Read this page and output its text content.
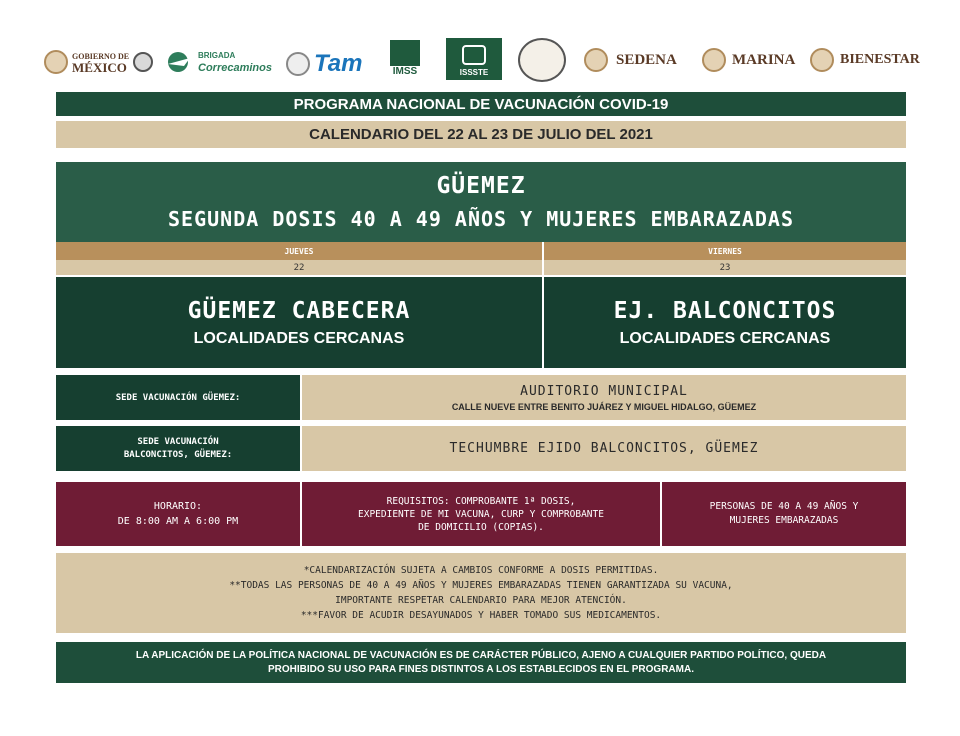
GOBIERNO DE
MÉXICO
BRIGADA
Correcaminos Tam	IMSS	ISSSTE
SEDENA	MARINA	BIENESTAR
PROGRAMA NACIONAL DE VACUNACIÓN COVID-19
CALENDARIO DEL 22 AL 23 DE JULIO DEL 2021
GÜEMEZ
SEGUNDA DOSIS 40 A 49 AÑOS Y MUJERES EMBARAZADAS
JUEVES	VIERNES
22	23
GÜEMEZ CABECERA
LOCALIDADES CERCANAS
EJ. BALCONCITOS
LOCALIDADES CERCANAS
SEDE VACUNACIÓN GÜEMEZ:	AUDITORIO MUNICIPAL
CALLE NUEVE ENTRE BENITO JUÁREZ Y MIGUEL HIDALGO, GÜEMEZ
SEDE VACUNACIÓN
BALCONCITOS, GÜEMEZ:	TECHUMBRE EJIDO BALCONCITOS, GÜEMEZ
HORARIO:
DE 8:00 AM A 6:00 PM
REQUISITOS: COMPROBANTE 1ª DOSIS,
EXPEDIENTE DE MI VACUNA, CURP Y COMPROBANTE
DE DOMICILIO (COPIAS).
PERSONAS DE 40 A 49 AÑOS Y
MUJERES EMBARAZADAS
*CALENDARIZACIÓN SUJETA A CAMBIOS CONFORME A DOSIS PERMITIDAS.
**TODAS LAS PERSONAS DE 40 A 49 AÑOS Y MUJERES EMBARAZADAS TIENEN GARANTIZADA SU VACUNA,
IMPORTANTE RESPETAR CALENDARIO PARA MEJOR ATENCIÓN.
***FAVOR DE ACUDIR DESAYUNADOS Y HABER TOMADO SUS MEDICAMENTOS.
LA APLICACIÓN DE LA POLÍTICA NACIONAL DE VACUNACIÓN ES DE CARÁCTER PÚBLICO, AJENO A CUALQUIER PARTIDO POLÍTICO, QUEDA
PROHIBIDO SU USO PARA FINES DISTINTOS A LOS ESTABLECIDOS EN EL PROGRAMA.
